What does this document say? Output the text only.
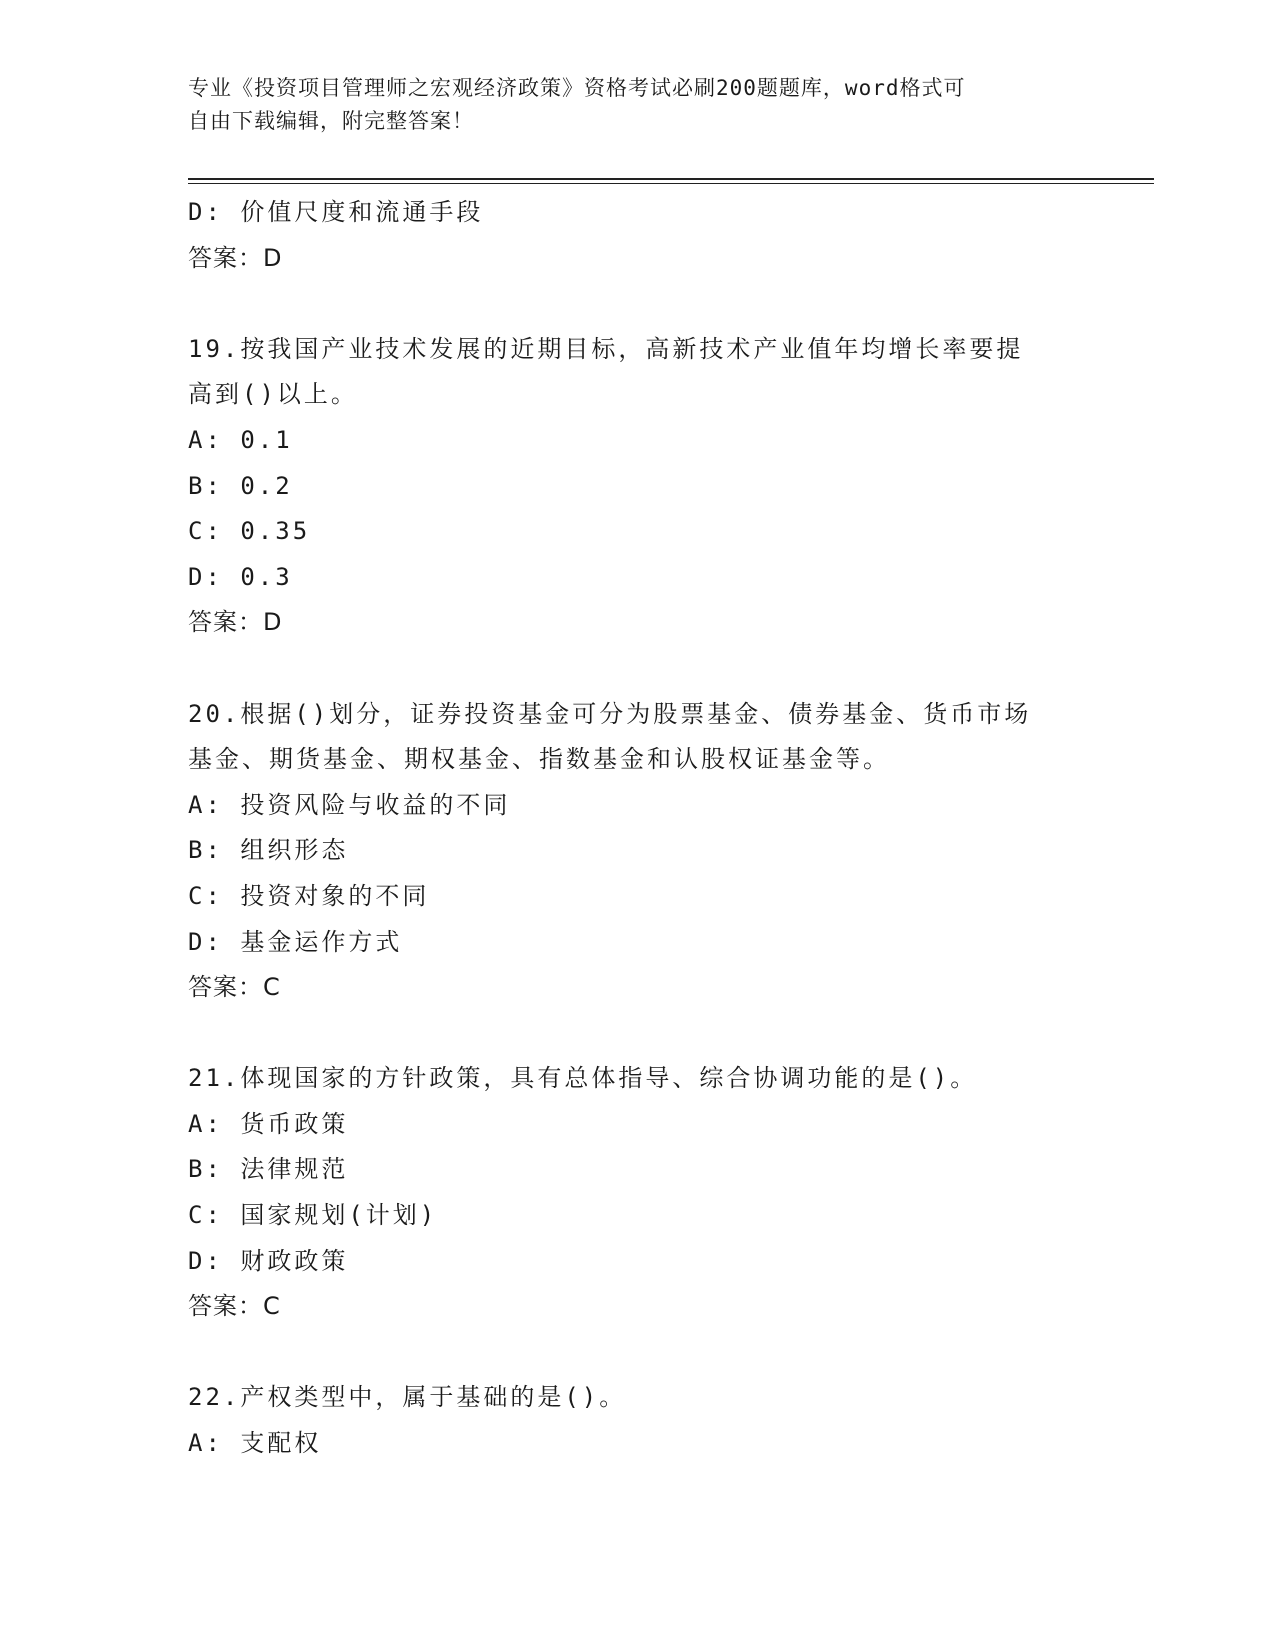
专业《投资项目管理师之宏观经济政策》资格考试必刷200题题库，word格式可
自由下载编辑，附完整答案！
D: 价值尺度和流通手段
答案：D
19.按我国产业技术发展的近期目标，高新技术产业值年均增长率要提
高到()以上。
A: 0.1
B: 0.2
C: 0.35
D: 0.3
答案：D
20.根据()划分，证券投资基金可分为股票基金、债券基金、货币市场
基金、期货基金、期权基金、指数基金和认股权证基金等。
A: 投资风险与收益的不同
B: 组织形态
C: 投资对象的不同
D: 基金运作方式
答案：C
21.体现国家的方针政策，具有总体指导、综合协调功能的是()。
A: 货币政策
B: 法律规范
C: 国家规划(计划)
D: 财政政策
答案：C
22.产权类型中，属于基础的是()。
A: 支配权
